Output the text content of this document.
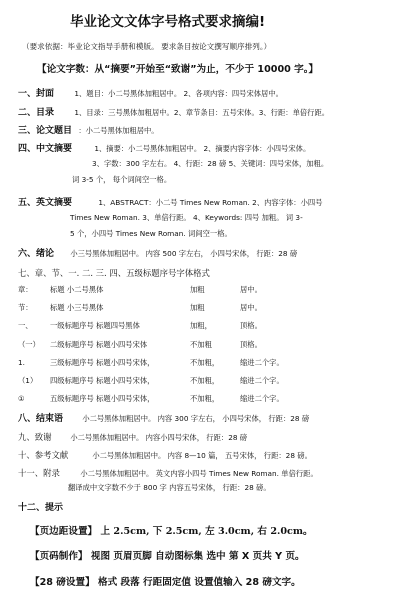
毕业论文文体字号格式要求摘编!
（要求依据：毕业论文指导手册和模版。 要求条目按论文撰写顺序排列。）
【论文字数：从“摘要”开始至“致谢”为止，不少于 10000 字。】
一、封面	1、题目：小二号黑体加粗居中。 2、各项内容：四号宋体居中。
二、目录	1、目录：三号黑体加粗居中。2、章节条目：五号宋体。3、行距：单倍行距。
三、论文题目 ：小二号黑体加粗居中。
四、中文摘要	1、摘要：小二号黑体加粗居中。 2、摘要内容字体：小四号宋体。
3、字数：300 字左右。 4、行距：28 磅 5、关键词：四号宋体，加粗。
词 3-5 个， 每个词间空一格。
五、英文摘要	1、ABSTRACT：小二号 Times New Roman. 2、内容字体：小四号
Times New Roman. 3、单倍行距。 4、Keywords: 四号 加粗。 词 3-
5 个，小四号 Times New Roman. 词间空一格。
六、绪论 小三号黑体加粗居中。 内容 500 字左右， 小四号宋体， 行距：28 磅
七、章、节、一. 二. 三. 四、五级标题序号字体格式
章： 标题 小二号黑体	加粗	居中。
节： 标题 小三号黑体	加粗	居中。
一、 一级标题序号 标题四号黑体	加粗，	顶格。
（一） 二级标题序号 标题小四号宋体	不加粗	顶格。
1.	三级标题序号 标题小四号宋体，	不加粗，	缩进二个字。
（1） 四级标题序号 标题小四号宋体，	不加粗，	缩进二个字。
①	五级标题序号 标题小四号宋体，	不加粗，	缩进二个字。
八、结束语	小二号黑体加粗居中。 内容 300 字左右， 小四号宋体， 行距：28 磅
九、致谢	小二号黑体加粗居中。 内容小四号宋体， 行距：28 磅
十、参考文献	小二号黑体加粗居中。 内容 8—10 篇， 五号宋体， 行距：28 磅。
十一、附录	小二号黑体加粗居中。 英文内容小四号 Times New Roman. 单倍行距。
翻译成中文字数不少于 800 字 内容五号宋体， 行距：28 磅。
十二、提示
【页边距设置】 上 2.5cm, 下 2.5cm, 左 3.0cm, 右 2.0cm。
【页码制作】 视图 页眉页脚 自动图标集 选中 第 X 页共 Y 页。
【28 磅设置】 格式 段落 行距固定值 设置值输入 28 磅文字。
